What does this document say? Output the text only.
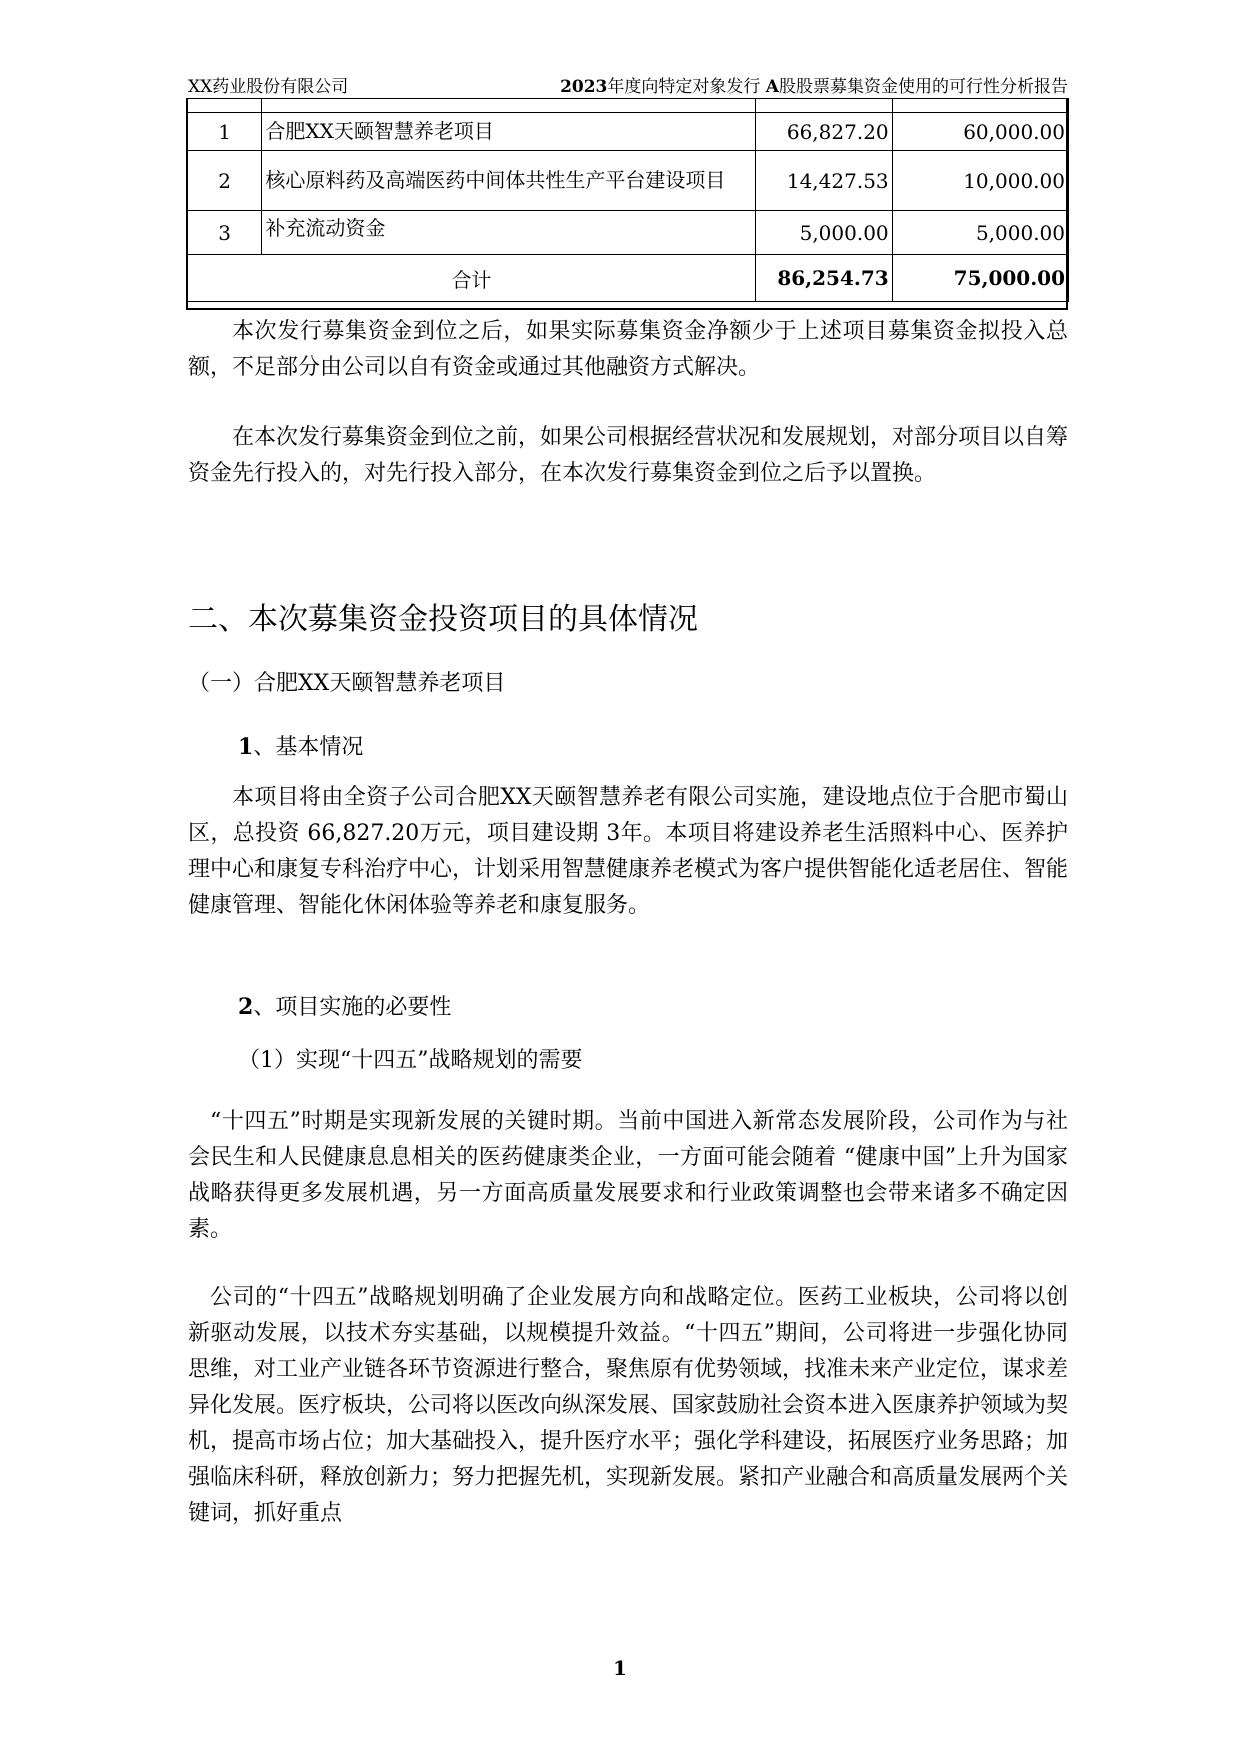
XX药业股份有限公司	2023年度向特定对象发行 A股股票募集资金使用的可行性分析报告

1	合肥XX天颐智慧养老项目	66,827.20	60,000.00
2	核心原料药及高端医药中间体共性生产平台建设项目	14,427.53	10,000.00
3	补充流动资金	5,000.00	5,000.00
合计		86,254.73	75,000.00

本次发行募集资金到位之后，如果实际募集资金净额少于上述项目募集资金拟投入总额，不足部分由公司以自有资金或通过其他融资方式解决。

在本次发行募集资金到位之前，如果公司根据经营状况和发展规划，对部分项目以自筹资金先行投入的，对先行投入部分，在本次发行募集资金到位之后予以置换。

二、本次募集资金投资项目的具体情况
（一）合肥XX天颐智慧养老项目
1、基本情况

本项目将由全资子公司合肥XX天颐智慧养老有限公司实施，建设地点位于合肥市蜀山区，总投资 66,827.20万元，项目建设期 3年。本项目将建设养老生活照料中心、医养护理中心和康复专科治疗中心，计划采用智慧健康养老模式为客户提供智能化适老居住、智能健康管理、智能化休闲体验等养老和康复服务。

2、项目实施的必要性
（1）实现“十四五”战略规划的需要

“十四五”时期是实现新发展的关键时期。当前中国进入新常态发展阶段，公司作为与社会民生和人民健康息息相关的医药健康类企业，一方面可能会随着 “健康中国”上升为国家战略获得更多发展机遇，另一方面高质量发展要求和行业政策调整也会带来诸多不确定因素。

公司的“十四五”战略规划明确了企业发展方向和战略定位。医药工业板块，公司将以创新驱动发展，以技术夯实基础，以规模提升效益。“十四五”期间，公司将进一步强化协同思维，对工业产业链各环节资源进行整合，聚焦原有优势领域，找准未来产业定位，谋求差异化发展。医疗板块，公司将以医改向纵深发展、国家鼓励社会资本进入医康养护领域为契机，提高市场占位；加大基础投入，提升医疗水平；强化学科建设，拓展医疗业务思路；加强临床科研，释放创新力；努力把握先机，实现新发展。紧扣产业融合和高质量发展两个关键词，抓好重点

1
